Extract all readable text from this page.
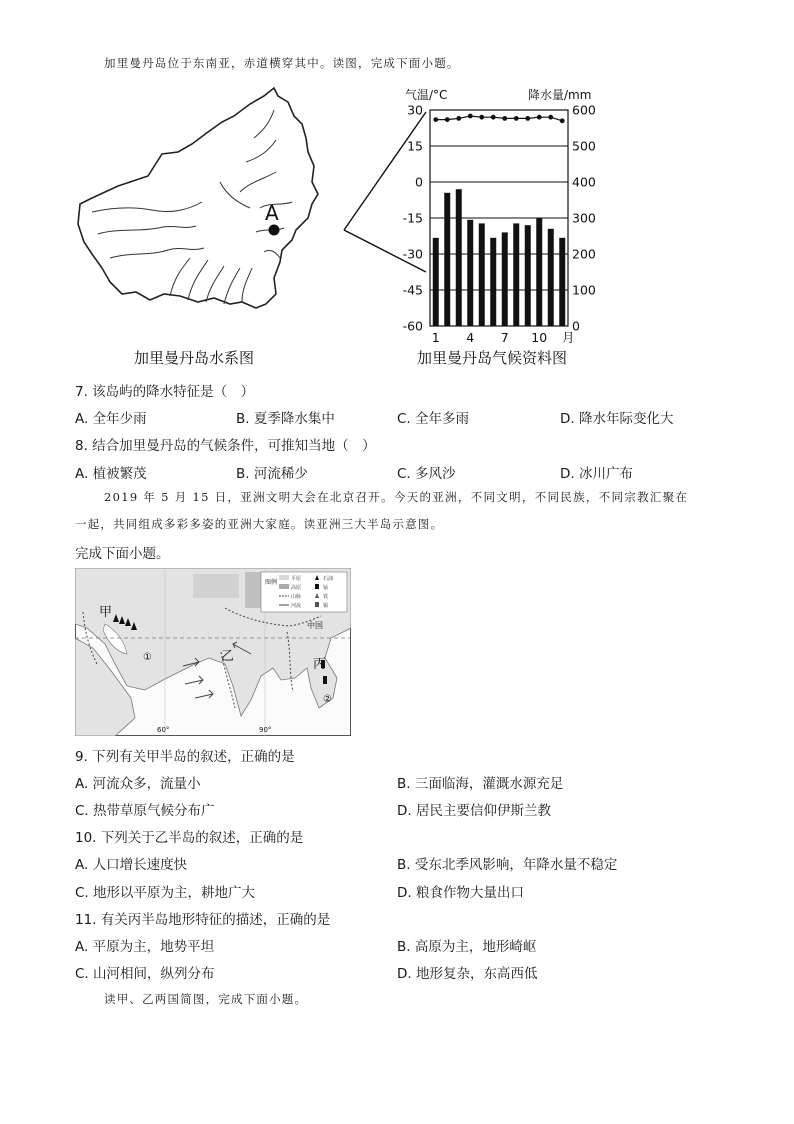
加里曼丹岛位于东南亚，赤道横穿其中。读图，完成下面小题。
A
加里曼丹岛水系图
气温/°C	降水量/mm
30
15
0
-15
-30
-45
-60
600
500
400
300
200
100
0
1 4 7 10 月
加里曼丹岛气候资料图
7. 该岛屿的降水特征是（　）
A. 全年少雨	B. 夏季降水集中	C. 全年多雨	D. 降水年际变化大
8. 结合加里曼丹岛的气候条件，可推知当地（　）
A. 植被繁茂	B. 河流稀少	C. 多风沙	D. 冰川广布
2019 年 5 月 15 日，亚洲文明大会在北京召开。今天的亚洲，不同文明，不同民族，不同宗教汇聚在
一起，共同组成多彩多姿的亚洲大家庭。读亚洲三大半岛示意图。
完成下面小题。
甲
乙
丙
中国
①
②
60°	90°
图例	平原
高原
山脉
河流
石油
锰
铁
锡
9. 下列有关甲半岛的叙述，正确的是
A. 河流众多，流量小	B. 三面临海，灌溉水源充足
C. 热带草原气候分布广	D. 居民主要信仰伊斯兰教
10. 下列关于乙半岛的叙述，正确的是
A. 人口增长速度快	B. 受东北季风影响，年降水量不稳定
C. 地形以平原为主，耕地广大	D. 粮食作物大量出口
11. 有关丙半岛地形特征的描述，正确的是
A. 平原为主，地势平坦	B. 高原为主，地形崎岖
C. 山河相间，纵列分布	D. 地形复杂，东高西低
读甲、乙两国简图，完成下面小题。
